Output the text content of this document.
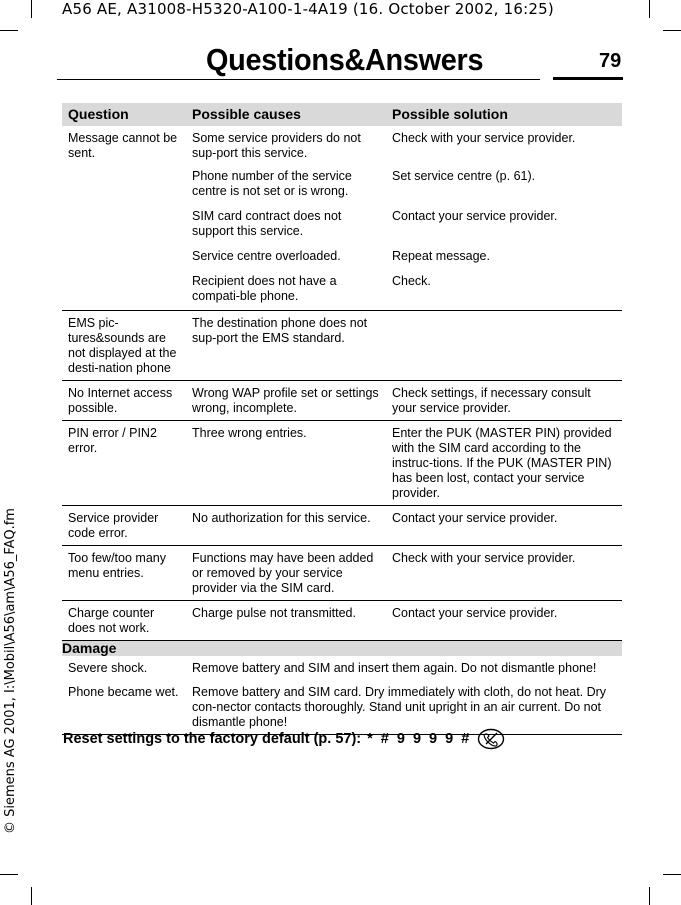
A56 AE, A31008-H5320-A100-1-4A19 (16. October 2002, 16:25)
© Siemens AG 2001, I:\Mobil\A56\am\A56_FAQ.fm
Questions&Answers	79
Question	Possible causes	Possible solution
Message cannot be sent.	Some service providers do not sup-port this service.	Check with your service provider.
	Phone number of the service centre is not set or is wrong.	Set service centre (p. 61).
	SIM card contract does not support this service.	Contact your service provider.
	Service centre overloaded.	Repeat message.
	Recipient does not have a compati-ble phone.	Check.
EMS pic-tures&sounds are not displayed at the desti-nation phone	The destination phone does not sup-port the EMS standard.	
No Internet access possible.	Wrong WAP profile set or settings wrong, incomplete.	Check settings, if necessary consult your service provider.
PIN error / PIN2 error.	Three wrong entries.	Enter the PUK (MASTER PIN) provided with the SIM card according to the instruc-tions. If the PUK (MASTER PIN) has been lost, contact your service provider.
Service provider code error.	No authorization for this service.	Contact your service provider.
Too few/too many menu entries.	Functions may have been added or removed by your service provider via the SIM card.	Check with your service provider.
Charge counter does not work.	Charge pulse not transmitted.	Contact your service provider.
Damage		
Severe shock.	Remove battery and SIM and insert them again. Do not dismantle phone!	
Phone became wet.	Remove battery and SIM card. Dry immediately with cloth, do not heat. Dry con-nector contacts thoroughly. Stand unit upright in an air current. Do not dismantle phone!	
Reset settings to the factory default (p. 57): * # 9 9 9 9 #
